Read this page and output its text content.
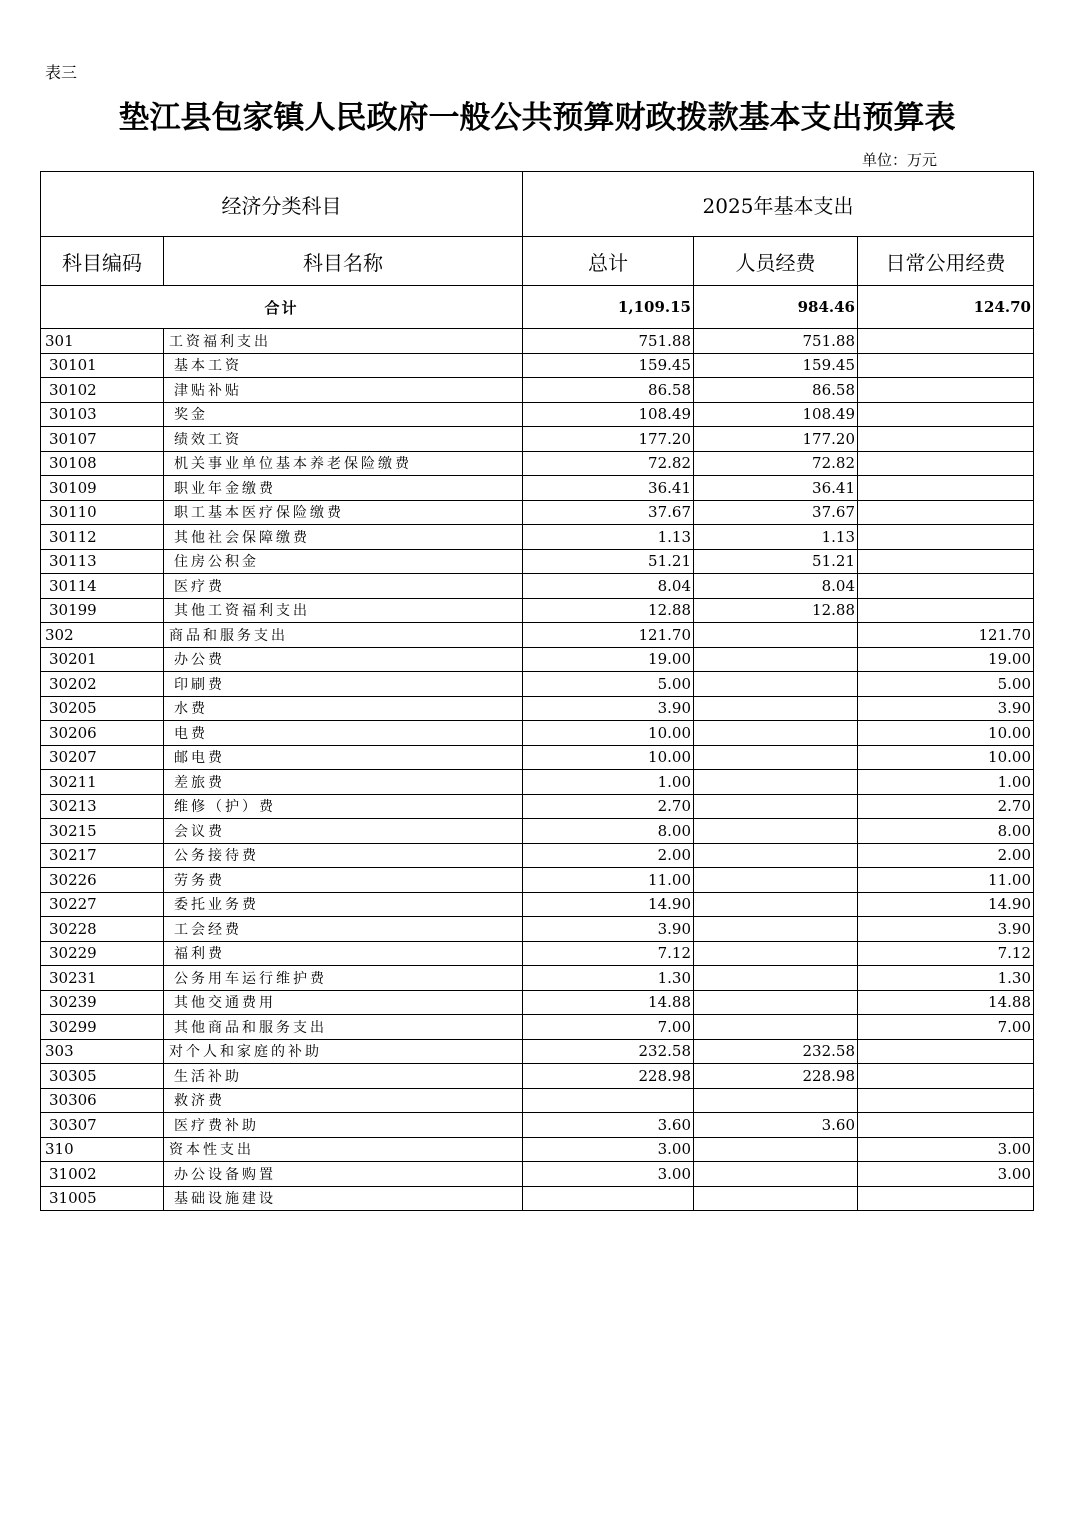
表三
垫江县包家镇人民政府一般公共预算财政拨款基本支出预算表
单位：万元
经济分类科目		2025年基本支出		
科目编码	科目名称	总计	人员经费	日常公用经费
合计		1,109.15	984.46	124.70
301	工资福利支出	751.88	751.88	
30101	基本工资	159.45	159.45	
30102	津贴补贴	86.58	86.58	
30103	奖金	108.49	108.49	
30107	绩效工资	177.20	177.20	
30108	机关事业单位基本养老保险缴费	72.82	72.82	
30109	职业年金缴费	36.41	36.41	
30110	职工基本医疗保险缴费	37.67	37.67	
30112	其他社会保障缴费	1.13	1.13	
30113	住房公积金	51.21	51.21	
30114	医疗费	8.04	8.04	
30199	其他工资福利支出	12.88	12.88	
302	商品和服务支出	121.70		121.70
30201	办公费	19.00		19.00
30202	印刷费	5.00		5.00
30205	水费	3.90		3.90
30206	电费	10.00		10.00
30207	邮电费	10.00		10.00
30211	差旅费	1.00		1.00
30213	维修（护）费	2.70		2.70
30215	会议费	8.00		8.00
30217	公务接待费	2.00		2.00
30226	劳务费	11.00		11.00
30227	委托业务费	14.90		14.90
30228	工会经费	3.90		3.90
30229	福利费	7.12		7.12
30231	公务用车运行维护费	1.30		1.30
30239	其他交通费用	14.88		14.88
30299	其他商品和服务支出	7.00		7.00
303	对个人和家庭的补助	232.58	232.58	
30305	生活补助	228.98	228.98	
30306	救济费			
30307	医疗费补助	3.60	3.60	
310	资本性支出	3.00		3.00
31002	办公设备购置	3.00		3.00
31005	基础设施建设			
